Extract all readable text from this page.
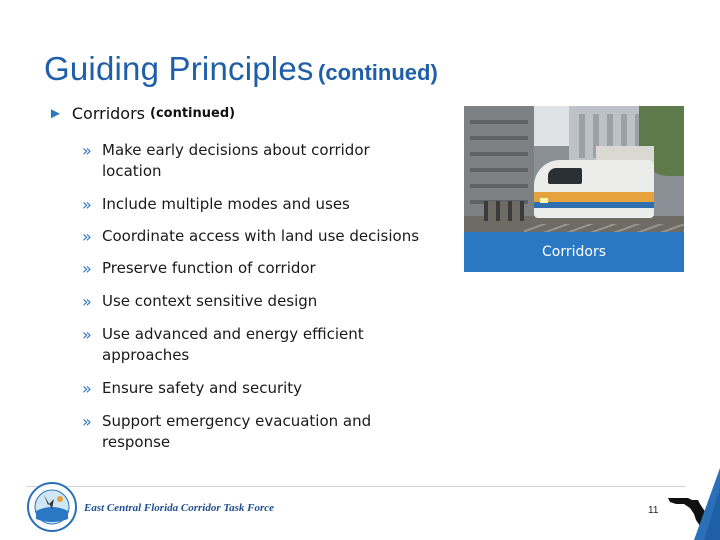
Guiding Principles (continued)
► Corridors (continued)
» Make early decisions about corridor location
» Include multiple modes and uses
» Coordinate access with land use decisions
» Preserve function of corridor
» Use context sensitive design
» Use advanced and energy efficient approaches
» Ensure safety and security
» Support emergency evacuation and response
Corridors
East Central Florida Corridor Task Force	11
